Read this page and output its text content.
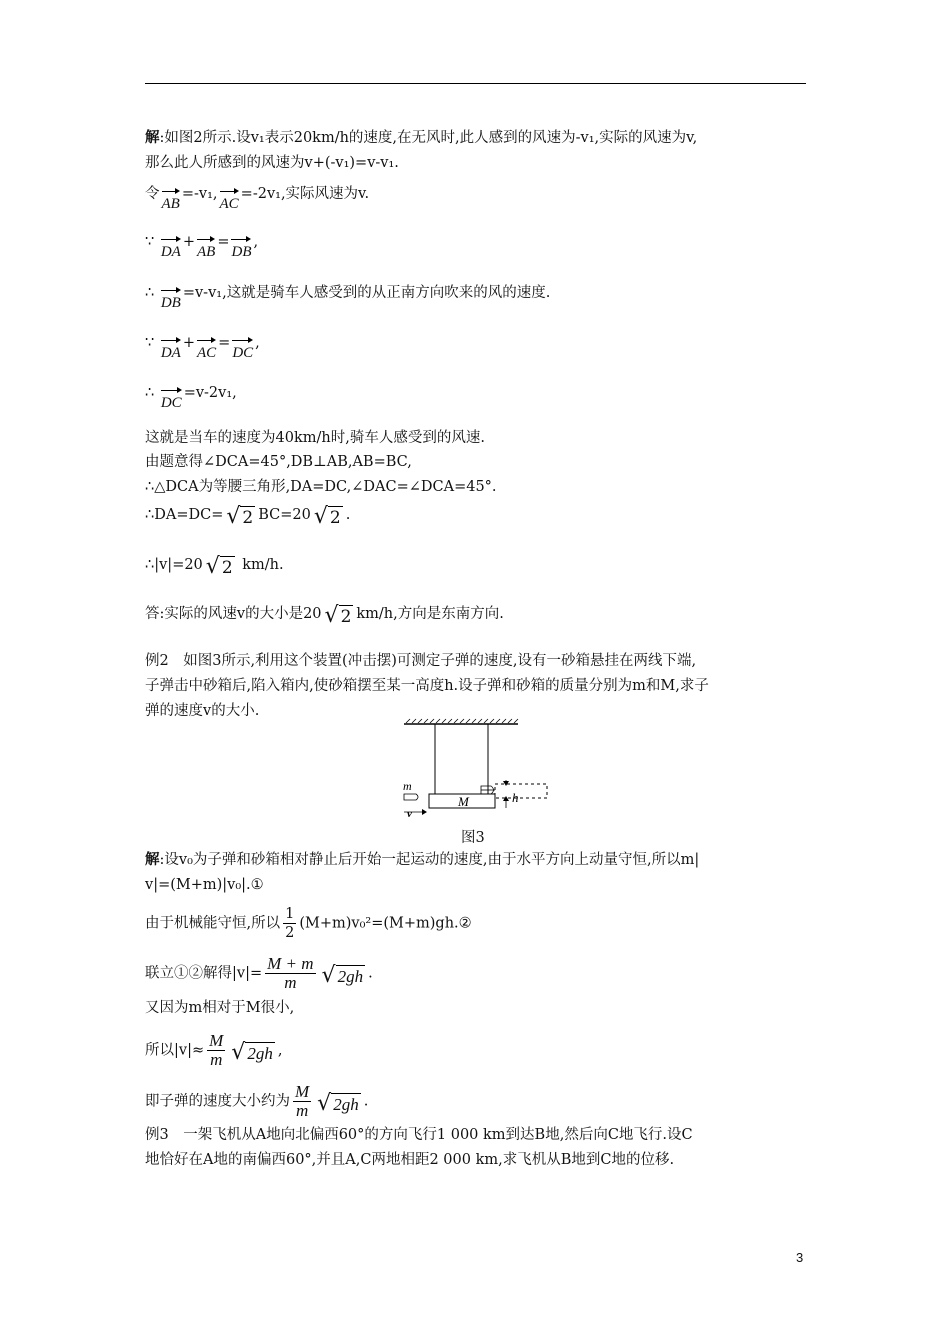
解:如图2所示.设v₁表示20km/h的速度,在无风时,此人感到的风速为-v₁,实际的风速为v,
那么此人所感到的风速为v+(-v₁)=v-v₁.
令AB=-v₁,AC=-2v₁,实际风速为v.
∵ DA+AB=DB,
∴ DB=v-v₁,这就是骑车人感受到的从正南方向吹来的风的速度.
∵ DA+AC=DC,
∴ DC=v-2v₁,
这就是当车的速度为40km/h时,骑车人感受到的风速.
由题意得∠DCA=45°,DB⊥AB,AB=BC,
∴△DCA为等腰三角形,DA=DC,∠DAC=∠DCA=45°.
∴DA=DC= √ 2 BC=20 √ 2 .
∴|v|=20 √ 2 km/h.
答:实际的风速v的大小是20 √ 2 km/h,方向是东南方向.
例2　如图3所示,利用这个装置(冲击摆)可测定子弹的速度,设有一砂箱悬挂在两线下端,
子弹击中砂箱后,陷入箱内,使砂箱摆至某一高度h.设子弹和砂箱的质量分别为m和M,求子
弹的速度v的大小.
h
M
m
v
图3
解:设v₀为子弹和砂箱相对静止后开始一起运动的速度,由于水平方向上动量守恒,所以m|
v|=(M+m)|v₀|.①
由于机械能守恒,所以 $\frac{1}{2}$ (M+m)v₀²=(M+m)gh.②
联立①②解得$|v|= \frac{M + m}{m}$ √ 2gh .
又因为m相对于M很小,
所以$|v|\approx \frac{M}{m}$ √ 2gh ,
即子弹的速度大小约为 $\frac{M}{m}$ √ 2gh .
例3　一架飞机从A地向北偏西60°的方向飞行1 000 km到达B地,然后向C地飞行.设C
地恰好在A地的南偏西60°,并且A,C两地相距2 000 km,求飞机从B地到C地的位移.
3
